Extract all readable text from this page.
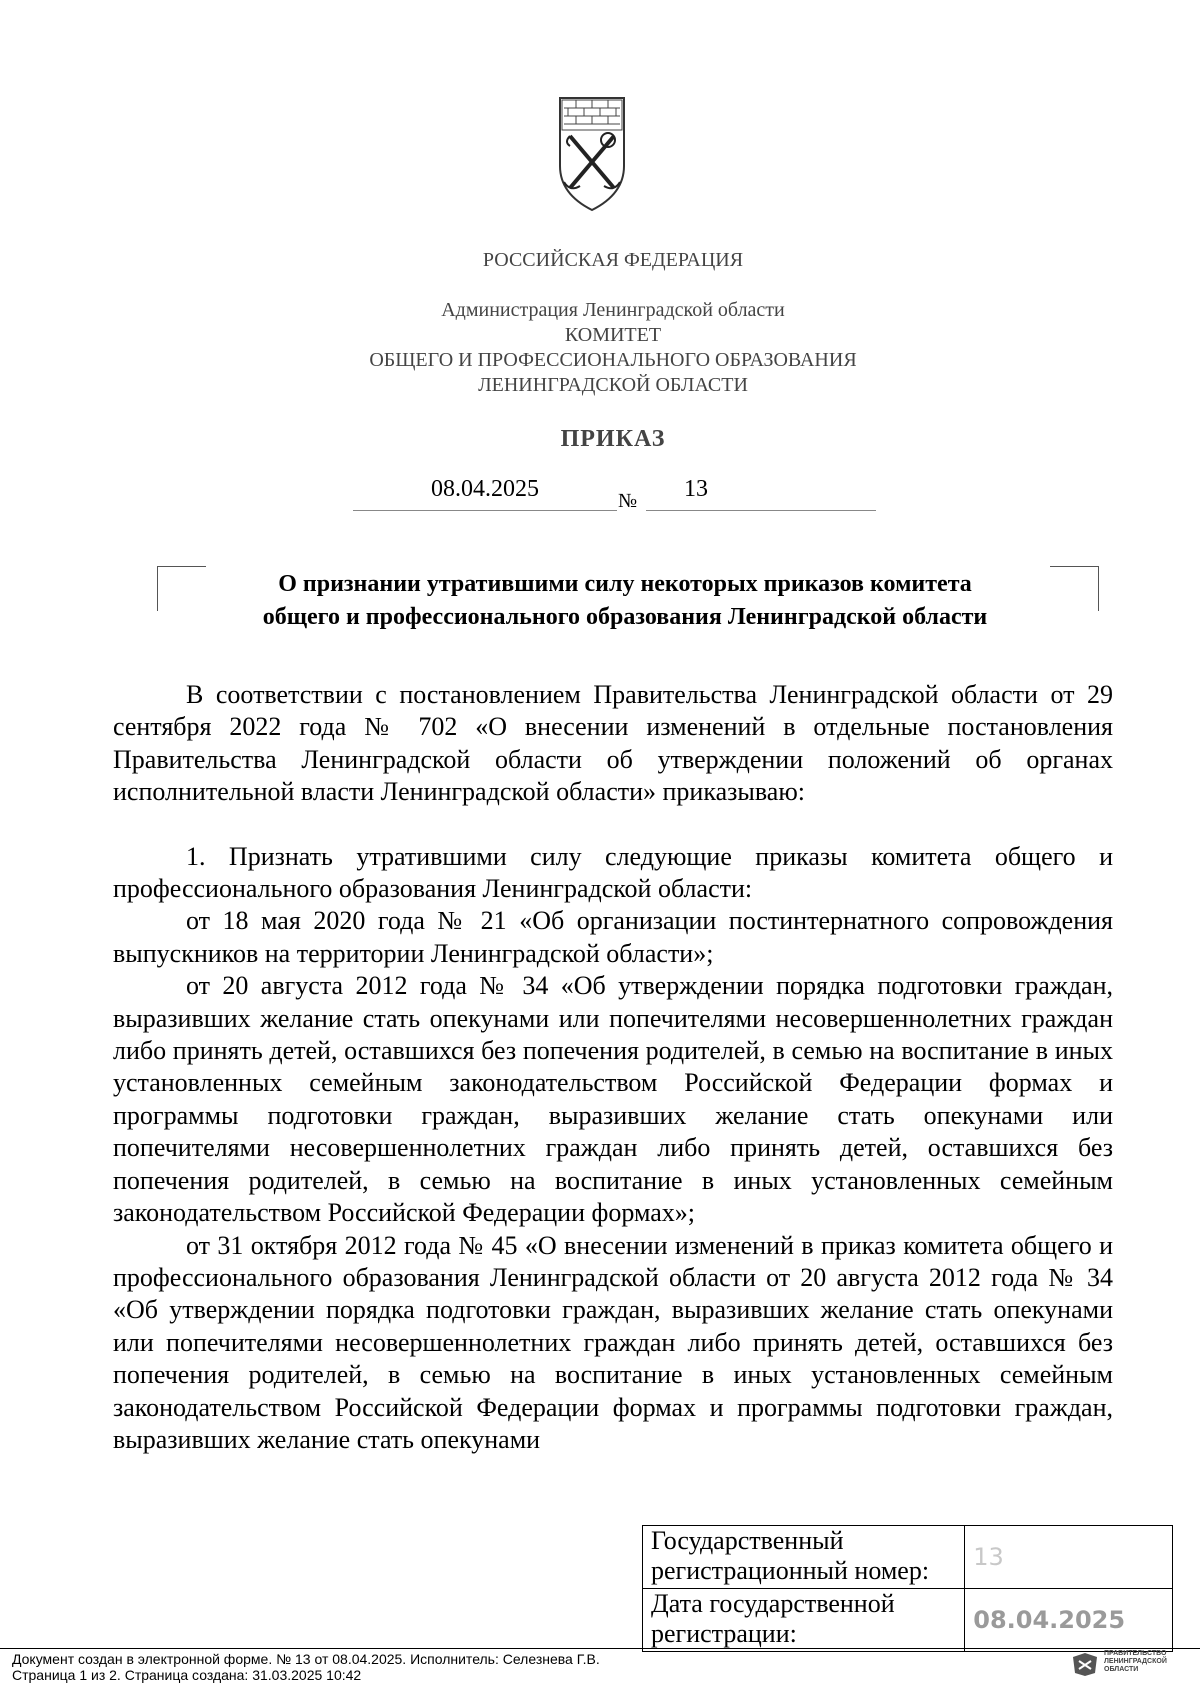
РОССИЙСКАЯ ФЕДЕРАЦИЯ
Администрация Ленинградской области
КОМИТЕТ
ОБЩЕГО И ПРОФЕССИОНАЛЬНОГО ОБРАЗОВАНИЯ
ЛЕНИНГРАДСКОЙ ОБЛАСТИ
ПРИКАЗ
08.04.2025	№ 13
О признании утратившими силу некоторых приказов комитета
общего и профессионального образования Ленинградской области

В соответствии с постановлением Правительства Ленинградской области от 29 сентября 2022 года № 702 «О внесении изменений в отдельные постановления Правительства Ленинградской области об утверждении положений об органах исполнительной власти Ленинградской области» приказываю:

1. Признать утратившими силу следующие приказы комитета общего и профессионального образования Ленинградской области:

от 18 мая 2020 года № 21 «Об организации постинтернатного сопровождения выпускников на территории Ленинградской области»;

от 20 августа 2012 года № 34 «Об утверждении порядка подготовки граждан, выразивших желание стать опекунами или попечителями несовершеннолетних граждан либо принять детей, оставшихся без попечения родителей, в семью на воспитание в иных установленных семейным законодательством Российской Федерации формах и программы подготовки граждан, выразивших желание стать опекунами или попечителями несовершеннолетних граждан либо принять детей, оставшихся без попечения родителей, в семью на воспитание в иных установленных семейным законодательством Российской Федерации формах»;

от 31 октября 2012 года № 45 «О внесении изменений в приказ комитета общего и профессионального образования Ленинградской области от 20 августа 2012 года № 34 «Об утверждении порядка подготовки граждан, выразивших желание стать опекунами или попечителями несовершеннолетних граждан либо принять детей, оставшихся без попечения родителей, в семью на воспитание в иных установленных семейным законодательством Российской Федерации формах и программы подготовки граждан, выразивших желание стать опекунами

Государственный регистрационный номер:	13
Дата государственной регистрации:	08.04.2025
Документ создан в электронной форме. № 13 от 08.04.2025. Исполнитель: Селезнева Г.В.
Страница 1 из 2. Страница создана: 31.03.2025 10:42
ПРАВИТЕЛЬСТВО
ЛЕНИНГРАДСКОЙ
ОБЛАСТИ
